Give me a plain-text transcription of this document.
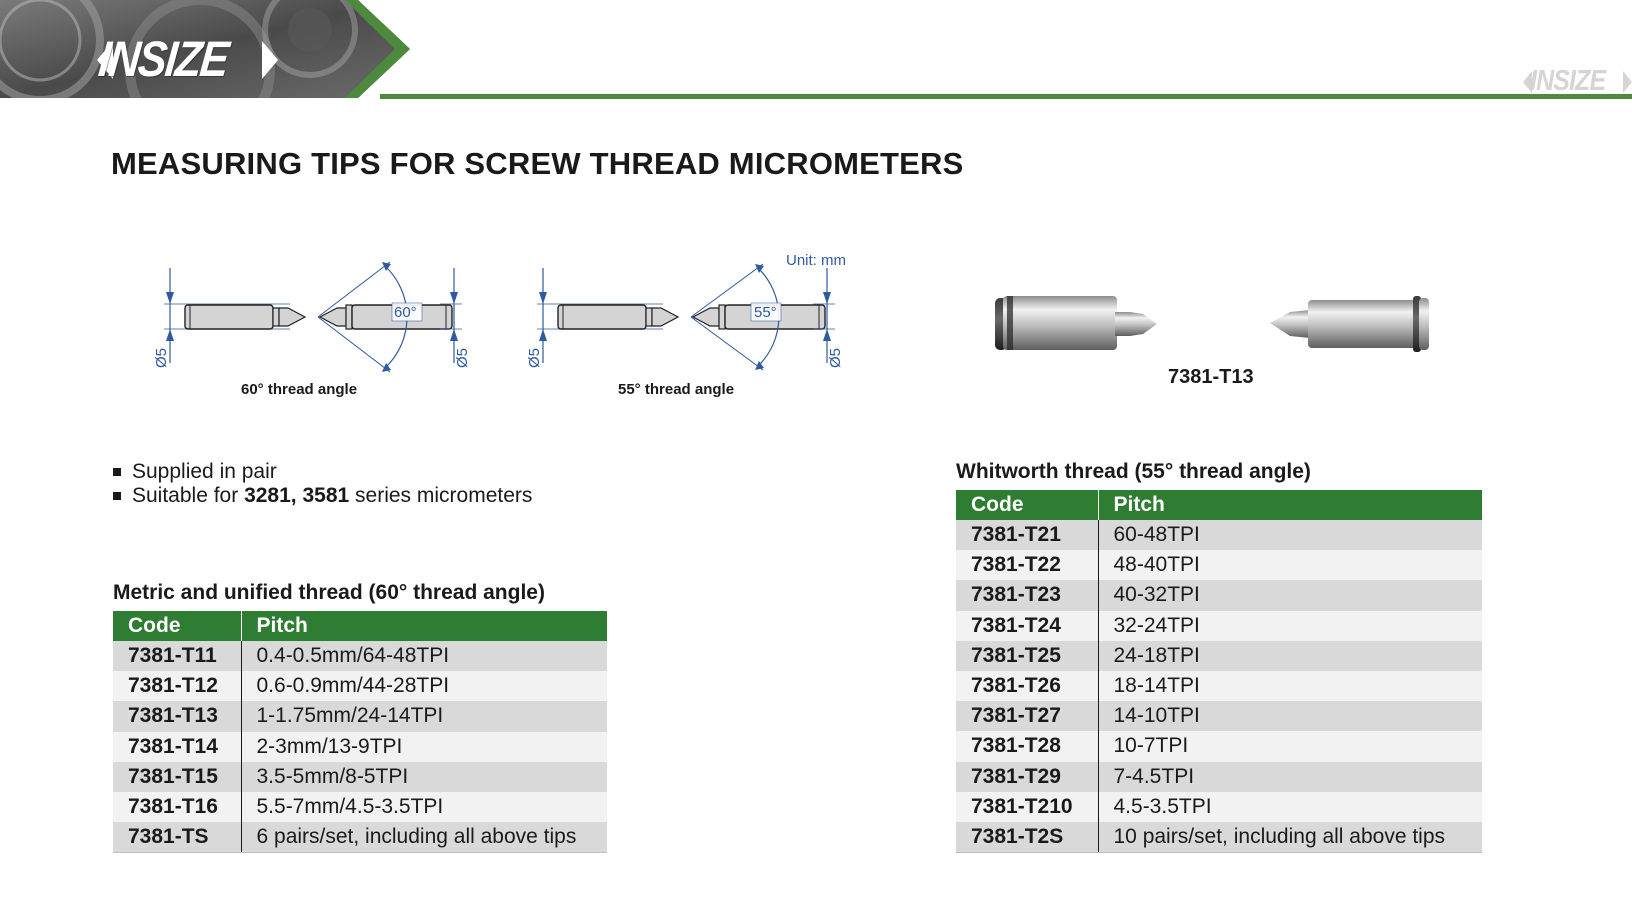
INSIZE	INSIZE
MEASURING TIPS FOR SCREW THREAD MICROMETERS
Unit: mm
60°
Ø5	Ø5
55°
Ø5	Ø5
60° thread angle	55° thread angle
7381-T13
Supplied in pair
Suitable for 3281, 3581 series micrometers
Metric and unified thread (60° thread angle)
Code	Pitch
7381-T11	0.4-0.5mm/64-48TPI
7381-T12	0.6-0.9mm/44-28TPI
7381-T13	1-1.75mm/24-14TPI
7381-T14	2-3mm/13-9TPI
7381-T15	3.5-5mm/8-5TPI
7381-T16	5.5-7mm/4.5-3.5TPI
7381-TS	6 pairs/set, including all above tips
Whitworth thread (55° thread angle)
Code	Pitch
7381-T21	60-48TPI
7381-T22	48-40TPI
7381-T23	40-32TPI
7381-T24	32-24TPI
7381-T25	24-18TPI
7381-T26	18-14TPI
7381-T27	14-10TPI
7381-T28	10-7TPI
7381-T29	7-4.5TPI
7381-T210	4.5-3.5TPI
7381-T2S	10 pairs/set, including all above tips
